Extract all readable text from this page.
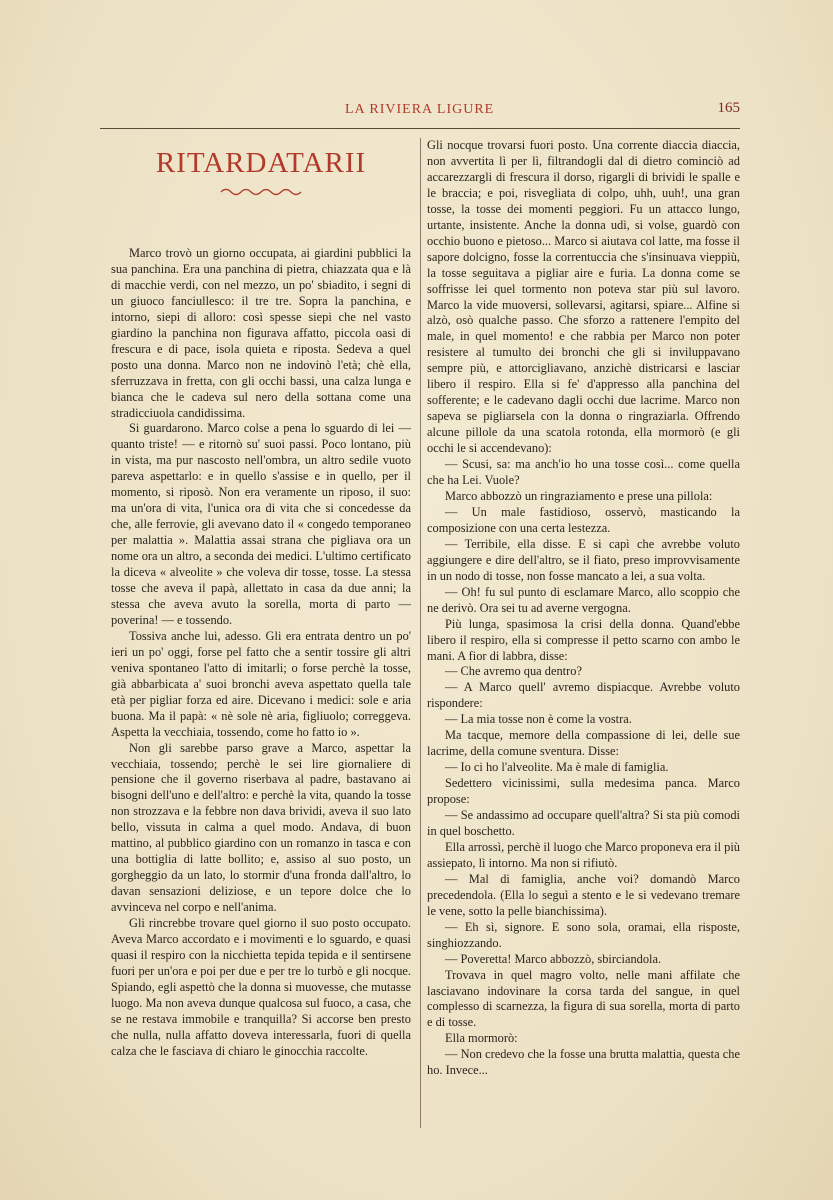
LA RIVIERA LIGURE	165
RITARDATARII

Marco trovò un giorno occupata, ai giardini pubblici la sua panchina. Era una panchina di pietra, chiazzata qua e là di macchie verdi, con nel mezzo, un po' sbiadito, i segni di un giuoco fanciullesco: il tre tre. Sopra la panchina, e intorno, siepi di alloro: così spesse siepi che nel vasto giardino la panchina non figurava affatto, piccola oasi di frescura e di pace, isola quieta e riposta. Sedeva a quel posto una donna. Marco non ne indovinò l'età; chè ella, sferruzzava in fretta, con gli occhi bassi, una calza lunga e bianca che le cadeva sul nero della sottana come una stradicciuola candidissima.

Si guardarono. Marco colse a pena lo sguardo di lei — quanto triste! — e ritornò su' suoi passi. Poco lontano, più in vista, ma pur nascosto nell'ombra, un altro sedile vuoto pareva aspettarlo: e in quello s'assise e in quello, per il momento, si riposò. Non era veramente un riposo, il suo: ma un'ora di vita, l'unica ora di vita che si concedesse da che, alle ferrovie, gli avevano dato il « congedo temporaneo per malattia ». Malattia assai strana che pigliava ora un nome ora un altro, a seconda dei medici. L'ultimo certificato la diceva « alveolite » che voleva dir tosse, tosse. La stessa tosse che aveva il papà, allettato in casa da due anni; la stessa che aveva avuto la sorella, morta di parto — poverina! — e tossendo.

Tossiva anche lui, adesso. Gli era entrata dentro un po' ieri un po' oggi, forse pel fatto che a sentir tossire gli altri veniva spontaneo l'atto di imitarli; o forse perchè la tosse, già abbarbicata a' suoi bronchi aveva aspettato quella tale età per pigliar forza ed aire. Dicevano i medici: sole e aria buona. Ma il papà: « nè sole nè aria, figliuolo; correggeva. Aspetta la vecchiaia, tossendo, come ho fatto io ».

Non gli sarebbe parso grave a Marco, aspettar la vecchiaia, tossendo; perchè le sei lire giornaliere di pensione che il governo riserbava al padre, bastavano ai bisogni dell'uno e dell'altro: e perchè la vita, quando la tosse non strozzava e la febbre non dava brividi, aveva il suo lato bello, vissuta in calma a quel modo. Andava, di buon mattino, al pubblico giardino con un romanzo in tasca e con una bottiglia di latte bollito; e, assiso al suo posto, un gorgheggio da un lato, lo stormir d'una fronda dall'altro, lo davan sensazioni deliziose, e un tepore dolce che lo avvinceva nel corpo e nell'anima.

Gli rincrebbe trovare quel giorno il suo posto occupato. Aveva Marco accordato e i movimenti e lo sguardo, e quasi quasi il respiro con la nicchietta tepida tepida e il sentirsene fuori per un'ora e poi per due e per tre lo turbò e gli nocque. Spiando, egli aspettò che la donna si muovesse, che mutasse luogo. Ma non aveva dunque qualcosa sul fuoco, a casa, che se ne restava immobile e tranquilla? Si accorse ben presto che nulla, nulla affatto doveva interessarla, fuori di quella calza che le fasciava di chiaro le ginocchia raccolte.

Gli nocque trovarsi fuori posto. Una corrente diaccia diaccia, non avvertita lì per lì, filtrandogli dal di dietro cominciò ad accarezzargli di frescura il dorso, rigargli di brividi le spalle e le braccia; e poi, risvegliata di colpo, uhh, uuh!, una gran tosse, la tosse dei momenti peggiori. Fu un attacco lungo, urtante, insistente. Anche la donna udì, si volse, guardò con occhio buono e pietoso... Marco si aiutava col latte, ma fosse il sapore dolcigno, fosse la correntuccia che s'insinuava vieppiù, la tosse seguitava a pigliar aire e furia. La donna come se soffrisse lei quel tormento non poteva star più sul lavoro. Marco la vide muoversi, sollevarsi, agitarsi, spiare... Alfine si alzò, osò qualche passo. Che sforzo a rattenere l'empito del male, in quel momento! e che rabbia per Marco non poter resistere al tumulto dei bronchi che gli si inviluppavano sempre più, e attorcigliavano, anzichè districarsi e lasciar libero il respiro. Ella si fe' d'appresso alla panchina del sofferente; e le cadevano dagli occhi due lacrime. Marco non sapeva se pigliarsela con la donna o ringraziarla. Offrendo alcune pillole da una scatola rotonda, ella mormorò (e gli occhi le si accendevano):

— Scusi, sa: ma anch'io ho una tosse così... come quella che ha Lei. Vuole?

Marco abbozzò un ringraziamento e prese una pillola:

— Un male fastidioso, osservò, masticando la composizione con una certa lestezza.

— Terribile, ella disse. E si capì che avrebbe voluto aggiungere e dire dell'altro, se il fiato, preso improvvisamente in un nodo di tosse, non fosse mancato a lei, a sua volta.

— Oh! fu sul punto di esclamare Marco, allo scoppio che ne derivò. Ora sei tu ad averne vergogna.

Più lunga, spasimosa la crisi della donna. Quand'ebbe libero il respiro, ella si compresse il petto scarno con ambo le mani. A fior di labbra, disse:

— Che avremo qua dentro?

— A Marco quell' avremo dispiacque. Avrebbe voluto rispondere:

— La mia tosse non è come la vostra.

Ma tacque, memore della compassione di lei, delle sue lacrime, della comune sventura. Disse:

— Io ci ho l'alveolite. Ma è male di famiglia.

Sedettero vicinissimi, sulla medesima panca. Marco propose:

— Se andassimo ad occupare quell'altra? Si sta più comodi in quel boschetto.

Ella arrossì, perchè il luogo che Marco proponeva era il più assiepato, lì intorno. Ma non si rifiutò.

— Mal di famiglia, anche voi? domandò Marco precedendola. (Ella lo seguì a stento e le si vedevano tremare le vene, sotto la pelle bianchissima).

— Eh sì, signore. E sono sola, oramai, ella risposte, singhiozzando.

— Poveretta! Marco abbozzò, sbirciandola.

Trovava in quel magro volto, nelle mani affilate che lasciavano indovinare la corsa tarda del sangue, in quel complesso di scarnezza, la figura di sua sorella, morta di parto e di tosse.

Ella mormorò:

— Non credevo che la fosse una brutta malattia, questa che ho. Invece...
